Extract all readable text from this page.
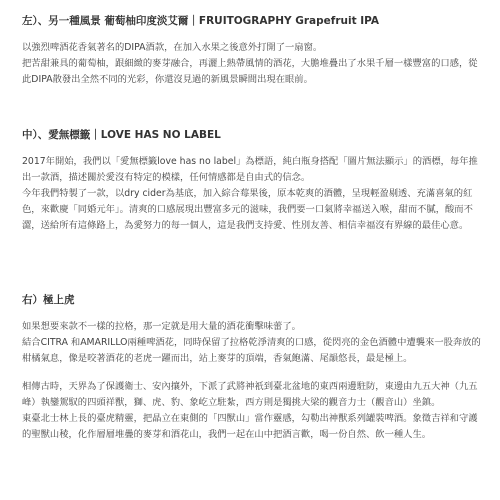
左）、另一種風景 葡萄柚印度淡艾爾｜FRUITOGRAPHY Grapefruit IPA

以強烈啤酒花香氣著名的DIPA酒款，在加入水果之後意外打開了一扇窗。

把苦甜兼具的葡萄柚，跟細緻的麥芽融合，再灑上熱帶風情的酒花，大膽堆疊出了水果千層一樣豐富的口感，從此DIPA散發出全然不同的光彩，你還沒見過的新風景瞬間出現在眼前。

中）、愛無標籤｜LOVE HAS NO LABEL

2017年開始，我們以「愛無標籤love has no label」為標語，純白瓶身搭配「圖片無法顯示」的酒標，每年推出一款酒，描述關於愛沒有特定的模樣，任何情感都是自由式的信念。

今年我們特製了一款，以dry cider為基底，加入綜合莓果後，原本乾爽的酒體，呈現輕盈剔透、充滿喜氣的紅色，來歡慶「同婚元年」。清爽的口感展現出豐富多元的滋味，我們要一口氣將幸福送入喉，甜而不膩，酸而不澀，送給所有這條路上，為愛努力的每一個人，這是我們支持愛、性別友善、相信幸福沒有界線的最佳心意。

右）極上虎

如果想要來款不一樣的拉格，那一定就是用大量的酒花衝擊味蕾了。

結合CITRA 和AMARILLO兩種啤酒花，同時保留了拉格乾淨清爽的口感，從閃亮的金色酒體中遭襲來一股奔放的柑橘氣息，像是咬著酒花的老虎一躍而出，站上麥芽的頂端，香氣飽滿、尾韻悠長，最是極上。

相傳古時，天界為了保護衛士、安內攘外，下派了武將神祇到臺北盆地的東西兩邊駐防，東邊由九五大神（九五峰）執鑾駕馭的四頭祥獸，獅、虎、豹、象屹立駐紮，西方則是獨挑大梁的觀音力士（觀音山）坐鎮。

東臺北士林上長的臺虎精靈，把晶立在東側的「四獸山」當作靈感，勾勒出神獸系列罐裝啤酒。象徵吉祥和守護的聖獸山稜，化作層層堆疊的麥芽和酒花山，我們一起在山中把酒言歡，喝一份自然、飲一種人生。
